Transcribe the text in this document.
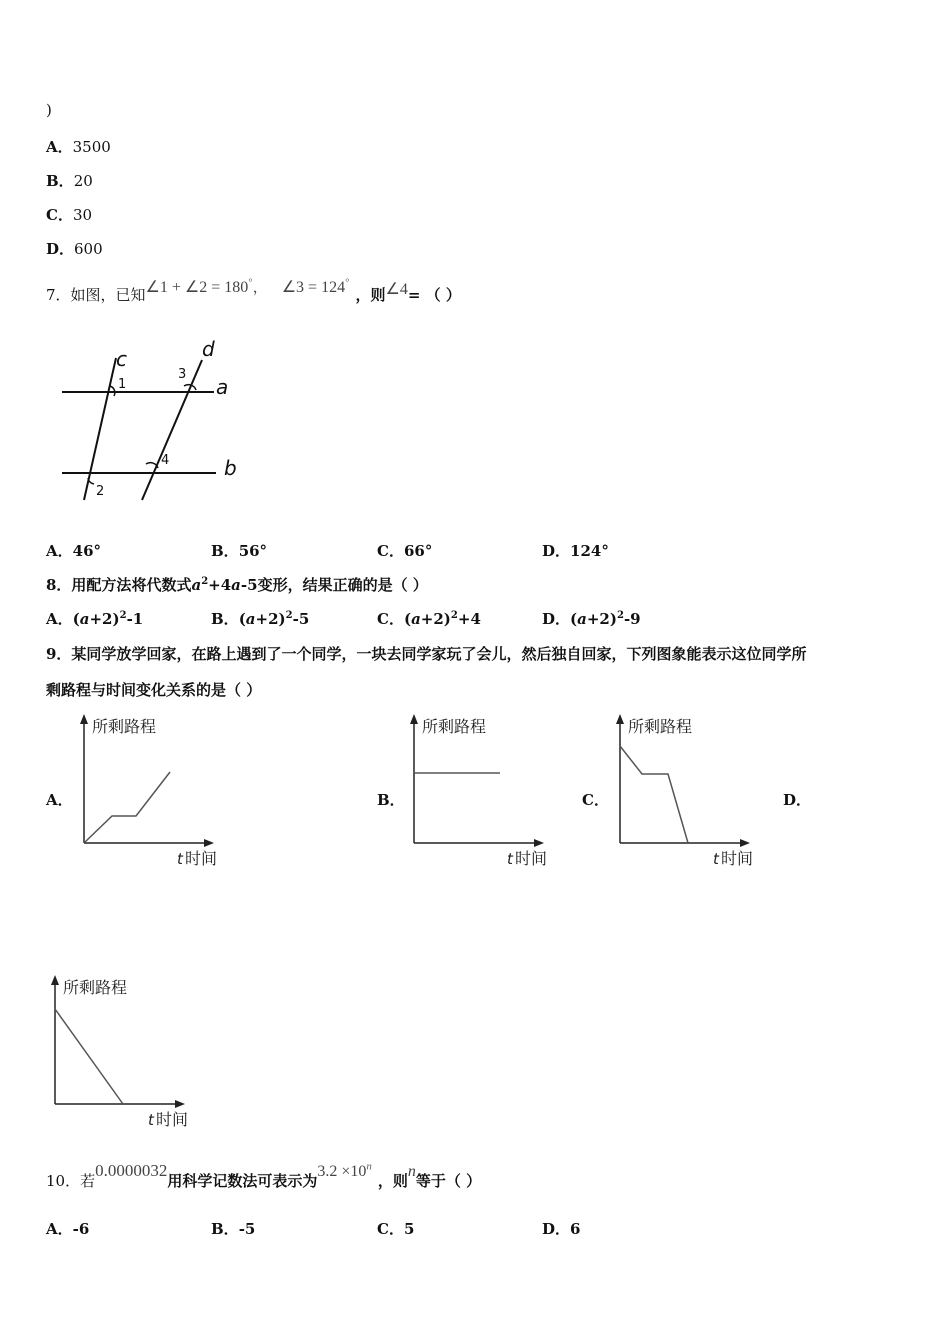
)
A．3500
B．20
C．30
D．600
7．如图，已知∠1 + ∠2 = 180°， ∠3 = 124°，则∠4= （ ）
c	d
a
b
1
2
3
4
A．46°	B．56°	C．66°	D．124°
8．用配方法将代数式$a^2+4a-5$变形，结果正确的是（ ）
A．$(a+2)^2-1$	B．$(a+2)^2-5$	C．$(a+2)^2+4$	D．$(a+2)^2-9$
9．某同学放学回家，在路上遇到了一个同学，一块去同学家玩了会儿，然后独自回家，下列图象能表示这位同学所
剩路程与时间变化关系的是（ ）
A．
所剩路程
t 时间
B．
所剩路程
t 时间
C．
所剩路程
t 时间
D．
所剩路程
t 时间
10．若0.0000032用科学记数法可表示为$3.2 \times 10^n$，则n等于（ ）
A．-6	B．-5	C．5	D．6
